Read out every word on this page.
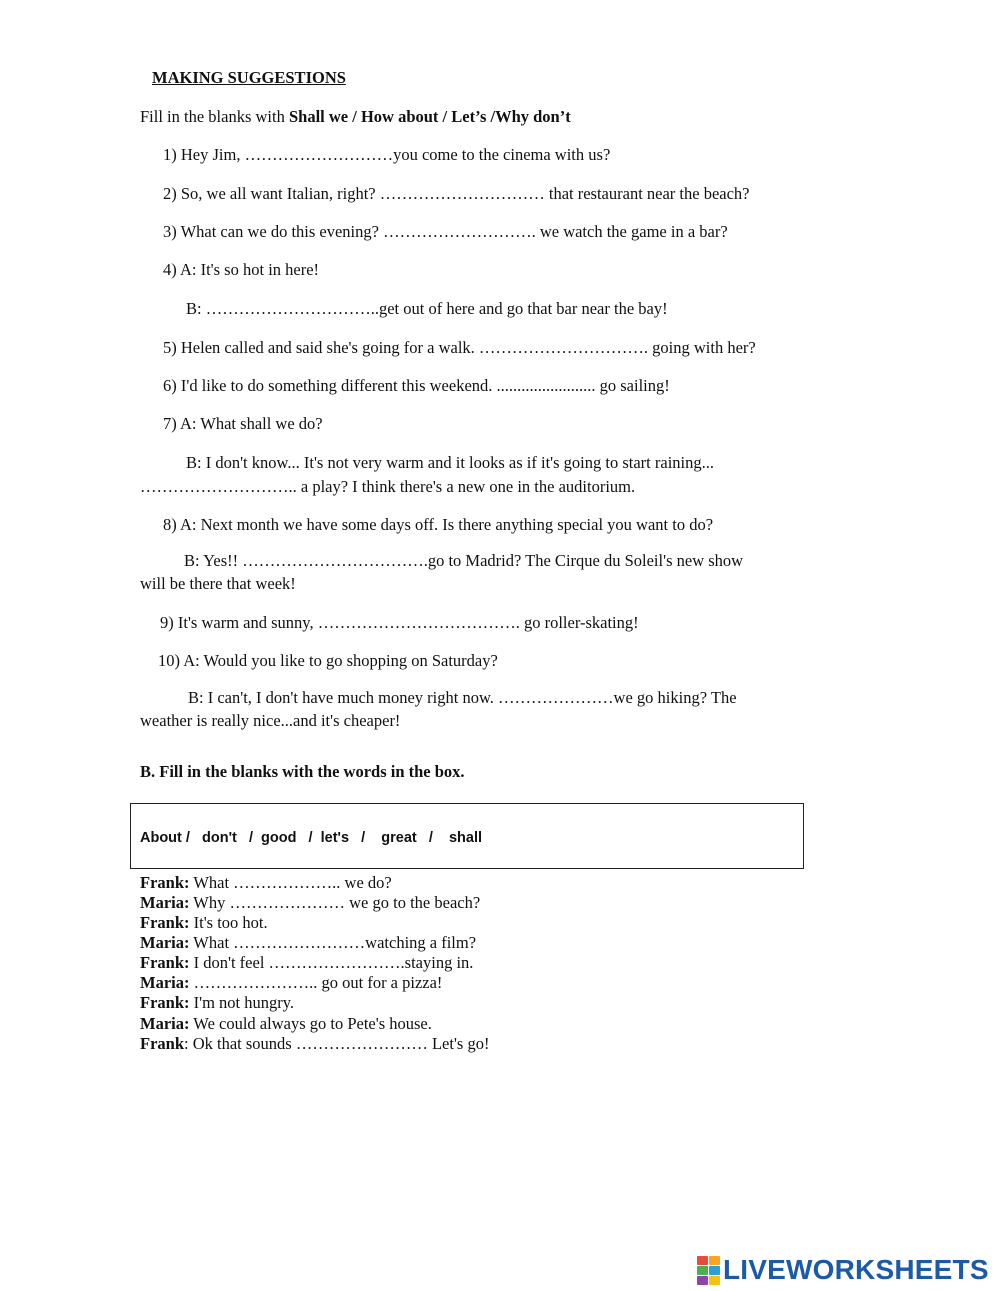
MAKING SUGGESTIONS
Fill in the blanks with Shall we / How about / Let’s /Why don’t
1) Hey Jim, ………………………you come to the cinema with us?
2) So, we all want Italian, right? ………………………… that restaurant near the beach?
3) What can we do this evening? ………………………. we watch the game in a bar?
4) A: It's so hot in here!
B: …………………………..get out of here and go that bar near the bay!
5) Helen called and said she's going for a walk. …………………………. going with her?
6) I'd like to do something different this weekend. ........................ go sailing!
7) A: What shall we do?
B: I don't know... It's not very warm and it looks as if it's going to start raining...
……………………….. a play? I think there's a new one in the auditorium.
8) A: Next month we have some days off. Is there anything special you want to do?
B: Yes!! …………………………….go to Madrid? The Cirque du Soleil's new show
will be there that week!
9) It's warm and sunny, ………………………………. go roller-skating!
10) A: Would you like to go shopping on Saturday?
B: I can't, I don't have much money right now. …………………we go hiking? The
weather is really nice...and it's cheaper!
B. Fill in the blanks with the words in the box.
About /   don't   /  good   /  let's   /    great   /    shall
Frank: What ……………….. we do?
Maria: Why ………………… we go to the beach?
Frank: It's too hot.
Maria: What ……………………watching a film?
Frank: I don't feel …………………….staying in.
Maria: ………………….. go out for a pizza!
Frank: I'm not hungry.
Maria: We could always go to Pete's house.
Frank: Ok that sounds …………………… Let's go!
LIVEWORKSHEETS
